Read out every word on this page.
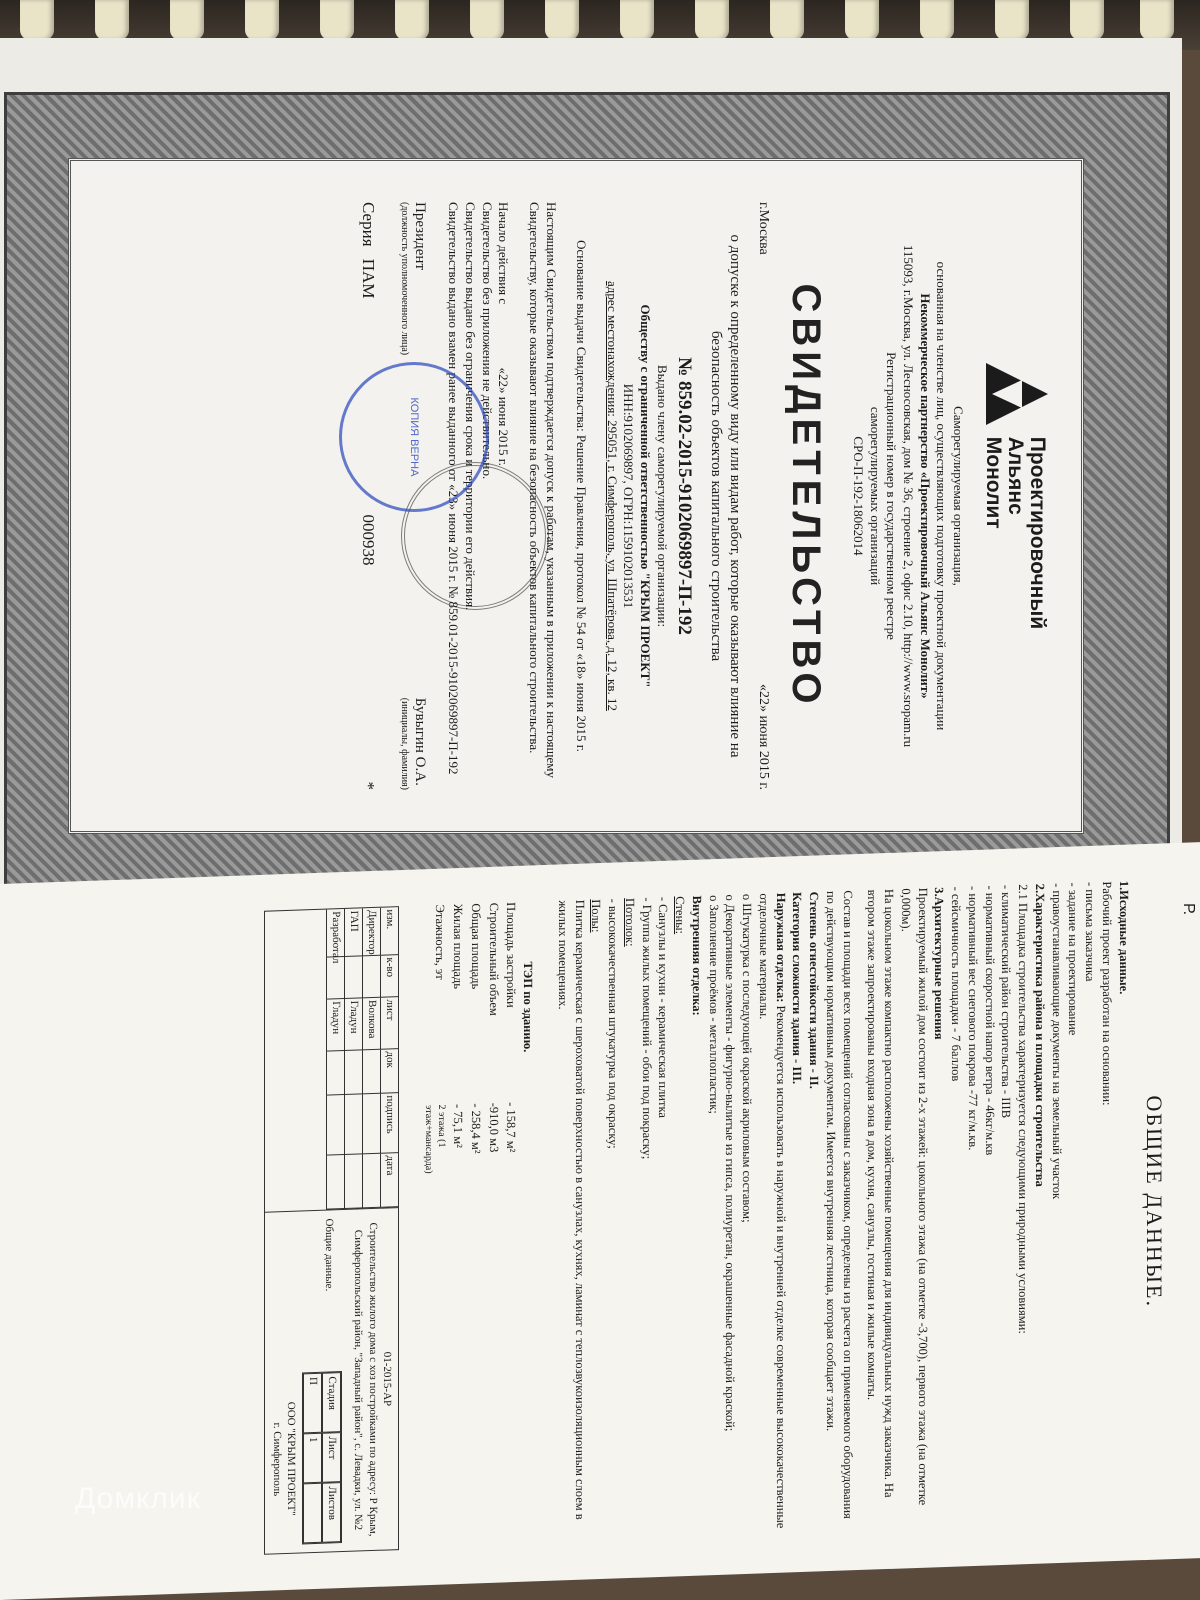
Проектировочный
Альянс
Монолит
Саморегулируемая организация,
основанная на членстве лиц, осуществляющих подготовку проектной документации
Некоммерческое партнерство «Проектировочный Альянс Монолит»
115093, г.Москва, ул. Лесносовская, дом № 36, строение 2, офис 2.10, http://www.sropam.ru
Регистрационный номер в государственном реестре
саморегулируемых организаций
СРО-П-192-18062014
СВИДЕТЕЛЬСТВО
г.Москва
«22» июня 2015 г.
о допуске к определенному виду или видам работ, которые оказывают влияние на безопасность объектов капитального строительства
№ 859.02-2015-9102069897-П-192
Выдано члену саморегулируемой организации:
Обществу с ограниченной ответственностью "КРЫМ ПРОЕКТ"
ИНН:9102069897, ОГРН:1159102013531
адрес местонахождения: 295051, г. Симферополь, ул. Шпатёрова, д. 12, кв. 12
Основание выдачи Свидетельства: Решение Правления, протокол № 54 от «18» июня 2015 г.
Настоящим Свидетельством подтверждается допуск к работам, указанным в приложении к настоящему Свидетельству, которые оказывают влияние на безопасность объектов капитального строительства.
Начало действия с «22» июня 2015 г.
Свидетельство без приложения не действительно.
Свидетельство выдано без ограничения срока и территории его действия.
Свидетельство выдано взамен ранее выданного от «23» июня 2015 г. № 859.01-2015-9102069897-П-192
Президент
(должность уполномоченного лица)
Бувыгин О.А.
(инициалы, фамилия)
КОПИЯ ВЕРНА
Серия ПАМ
000938
*
ОБЩИЕ ДАННЫЕ.

1.Исходные данные.

Рабочий проект разработан на основании:

- письма заказчика

- задание на проектирование

- правоустанавливающие документы на земельный участок

2.Характеристика района и площадки строительства

2.1 Площадка строительства характеризуется следующими природными условиями:

- климатический район строительства - IIIВ

- нормативный скоростной напор ветра - 46кг/м.кв

- нормативный вес снегового покрова -77 кг/м.кв.

- сейсмичность площадки - 7 баллов

3.Архитектурные решения

Проектируемый жилой дом состоит из 2-х этажей: цокольного этажа (на отметке -3,700), первого этажа (на отметке 0,000м).

На цокольном этаже компактно расположены хозяйственные помещения для индивидуальных нужд заказчика. На втором этаже запроектированы входная зона в дом, кухня, санузлы, гостиная и жилые комнаты.

Состав и площади всех помещений согласованы с заказчиком, определены из расчета оп применяемого оборудования по действующим нормативным документам. Имеется внутренняя лестница, которая сообщает этажи.

Степень огнестойкости здания - II.

Категория сложности здания - III.

Наружная отделка: Рекомендуется использовать в наружной и внутренней отделке современные высококачественные отделочные материалы.

o Штукатурка с последующей окраской акриловым составом;

o Декоративные элементы - фигурно-вылитые из гипса, полиуретан, окрашенные фасадной краской;

o Заполнение проёмов - металлопластик;

Внутренняя отделка:

Стены:

- Санузлы и кухни - керамическая плитка

- Группа жилых помещений - обои под покраску;

Потолок:

- высококачественная штукатурка под окраску;

Полы:

Плитка керамическая с шероховатой поверхностью в санузлах, кухнях, ламинат с теплозвукоизоляционным слоем в жилых помещениях.

ТЭП по зданию.

Площадь застройки
- 158,7 м²
Строительный объем
-910,0 м3
Общая площадь
- 258,4 м²
Жилая площадь
- 75,1 м²
Этажность, эт
2 этажа (1 этаж+мансарда)
изм.
к-во
лист
док
подпись
дата
Директор
Волкова
ГАП
Гладун
Разработал
Гладун
01-2015-АР
Строительство жилого дома с хоз постройками по адресу: Р Крым, Симферопольский район, "Западный район", с. Левадки, ул. №2
Общие данные.
Стадия
Лист
Листов
П
1
ООО "КРЫМ ПРОЕКТ"
г. Симферополь
Р.
Домклик
